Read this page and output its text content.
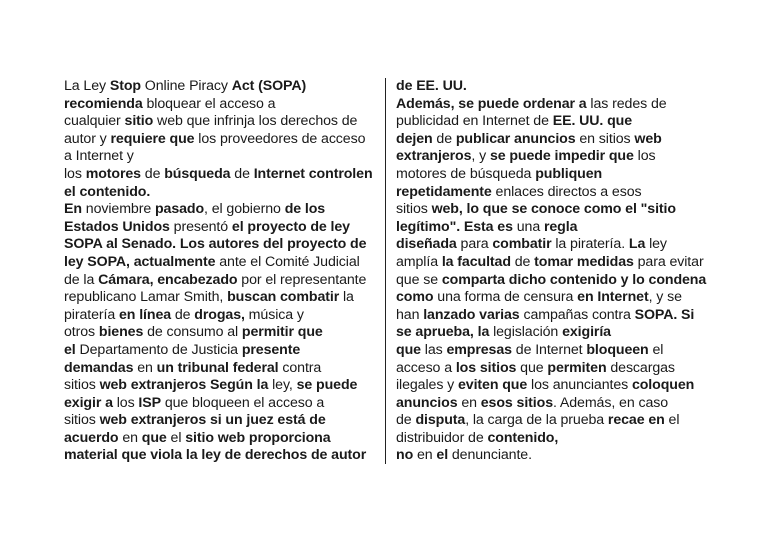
La Ley Stop Online Piracy Act (SOPA)
recomienda bloquear el acceso a
cualquier sitio web que infrinja los derechos de
autor y requiere que los proveedores de acceso
a Internet y
los motores de búsqueda de Internet controlen
el contenido.
En noviembre pasado, el gobierno de los
Estados Unidos presentó el proyecto de ley
SOPA al Senado. Los autores del proyecto de
ley SOPA, actualmente ante el Comité Judicial
de la Cámara, encabezado por el representante
republicano Lamar Smith, buscan combatir la
piratería en línea de drogas, música y
otros bienes de consumo al permitir que
el Departamento de Justicia presente
demandas en un tribunal federal contra
sitios web extranjeros Según la ley, se puede
exigir a los ISP que bloqueen el acceso a
sitios web extranjeros si un juez está de
acuerdo en que el sitio web proporciona
material que viola la ley de derechos de autor
de EE. UU.
Además, se puede ordenar a las redes de
publicidad en Internet de EE. UU. que
dejen de publicar anuncios en sitios web
extranjeros, y se puede impedir que los
motores de búsqueda publiquen
repetidamente enlaces directos a esos
sitios web, lo que se conoce como el "sitio
legítimo". Esta es una regla
diseñada para combatir la piratería. La ley
amplía la facultad de tomar medidas para evitar
que se comparta dicho contenido y lo condena
como una forma de censura en Internet, y se
han lanzado varias campañas contra SOPA. Si
se aprueba, la legislación exigiría
que las empresas de Internet bloqueen el
acceso a los sitios que permiten descargas
ilegales y eviten que los anunciantes coloquen
anuncios en esos sitios. Además, en caso
de disputa, la carga de la prueba recae en el
distribuidor de contenido,
no en el denunciante.
